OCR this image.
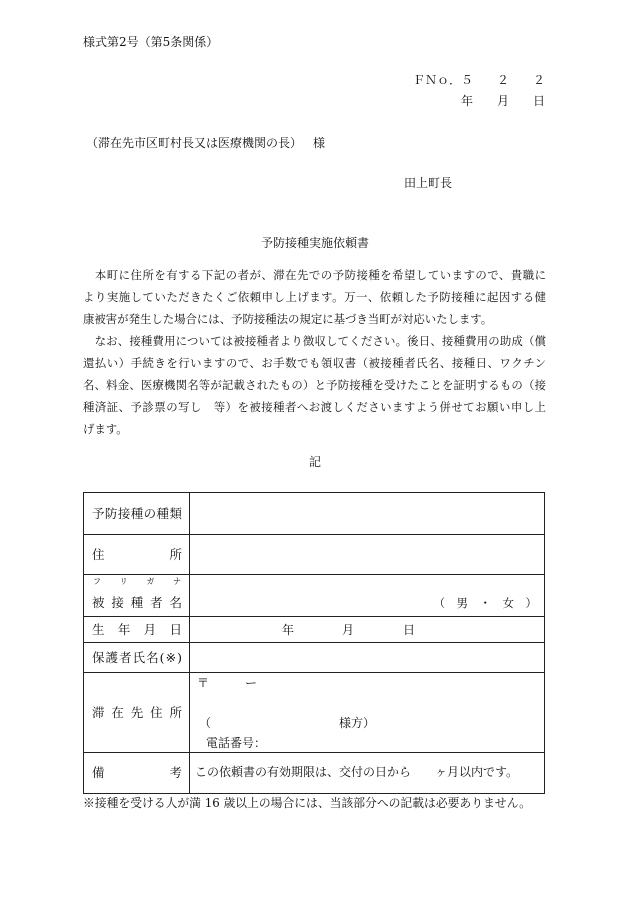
様式第2号（第5条関係）
ＦＮｏ．５　　２　　２
年　　月　　日
（滞在先市区町村長又は医療機関の長） 様
田上町長
予防接種実施依頼書
　本町に住所を有する下記の者が、滞在先での予防接種を希望していますので、貴職に
より実施していただきたくご依頼申し上げます。万一、依頼した予防接種に起因する健
康被害が発生した場合には、予防接種法の規定に基づき当町が対応いたします。
　なお、接種費用については被接種者より徴収してください。後日、接種費用の助成（償
還払い）手続きを行いますので、お手数でも領収書（被接種者氏名、接種日、ワクチン
名、料金、医療機関名等が記載されたもの）と予防接種を受けたことを証明するもの（接
種済証、予診票の写し　等）を被接種者へお渡しくださいますよう併せてお願い申し上
げます。
記
予 防 接 種 の 種 類
住	所
フ リ ガ ナ
被 接 種 者 名	（　男　・　女　）
生 年 月 日	年	月	日
保 護 者 氏 名 ( ※ )
滞 在 先 住 所
〒　　　ー
（	様方）
電話番号：
備	考 この依頼書の有効期限は、交付の日から　　ヶ月以内です。
※接種を受ける人が満 16 歳以上の場合には、当該部分への記載は必要ありません。
